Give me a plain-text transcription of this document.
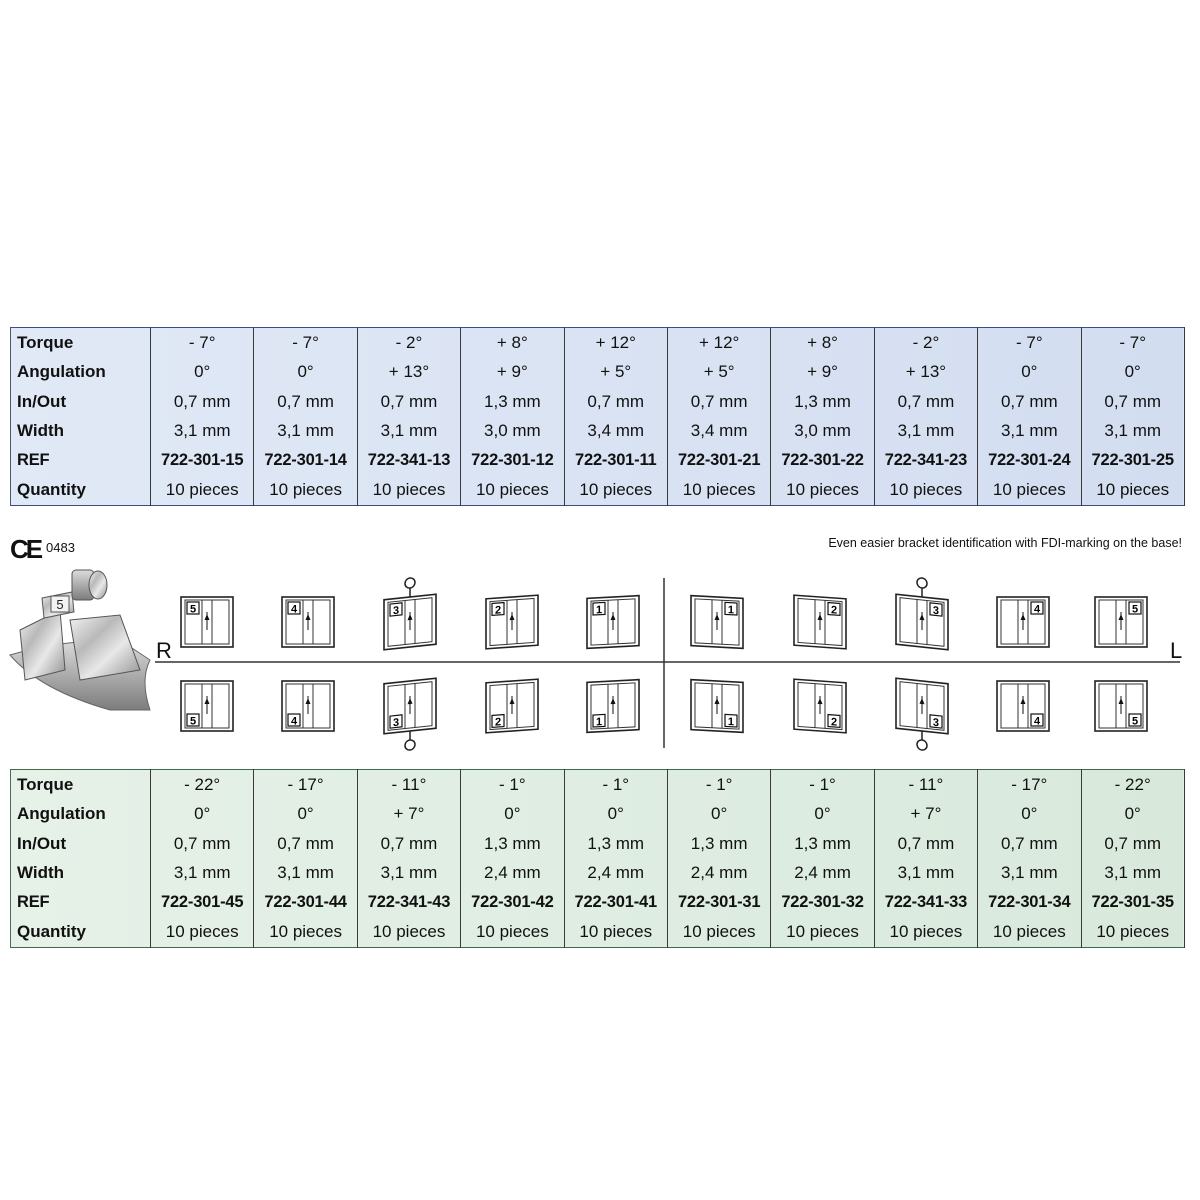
Torque	- 7°	- 7°	- 2°	+ 8°	+ 12°	+ 12°	+ 8°	- 2°	- 7°	- 7°
Angulation	0°	0°	+ 13°	+ 9°	+ 5°	+ 5°	+ 9°	+ 13°	0°	0°
In/Out	0,7 mm	0,7 mm	0,7 mm	1,3 mm	0,7 mm	0,7 mm	1,3 mm	0,7 mm	0,7 mm	0,7 mm
Width	3,1 mm	3,1 mm	3,1 mm	3,0 mm	3,4 mm	3,4 mm	3,0 mm	3,1 mm	3,1 mm	3,1 mm
REF	722-301-15	722-301-14	722-341-13	722-301-12	722-301-11	722-301-21	722-301-22	722-341-23	722-301-24	722-301-25
Quantity	10 pieces	10 pieces	10 pieces	10 pieces	10 pieces	10 pieces	10 pieces	10 pieces	10 pieces	10 pieces
CE 0483	Even easier bracket identification with FDI-marking on the base!
5	5	4	3	2	1	1	2	3	4	5
5	4	3	2	1	1	2	3	4	5
R	L
Torque	- 22°	- 17°	- 11°	- 1°	- 1°	- 1°	- 1°	- 11°	- 17°	- 22°
Angulation	0°	0°	+ 7°	0°	0°	0°	0°	+ 7°	0°	0°
In/Out	0,7 mm	0,7 mm	0,7 mm	1,3 mm	1,3 mm	1,3 mm	1,3 mm	0,7 mm	0,7 mm	0,7 mm
Width	3,1 mm	3,1 mm	3,1 mm	2,4 mm	2,4 mm	2,4 mm	2,4 mm	3,1 mm	3,1 mm	3,1 mm
REF	722-301-45	722-301-44	722-341-43	722-301-42	722-301-41	722-301-31	722-301-32	722-341-33	722-301-34	722-301-35
Quantity	10 pieces	10 pieces	10 pieces	10 pieces	10 pieces	10 pieces	10 pieces	10 pieces	10 pieces	10 pieces
